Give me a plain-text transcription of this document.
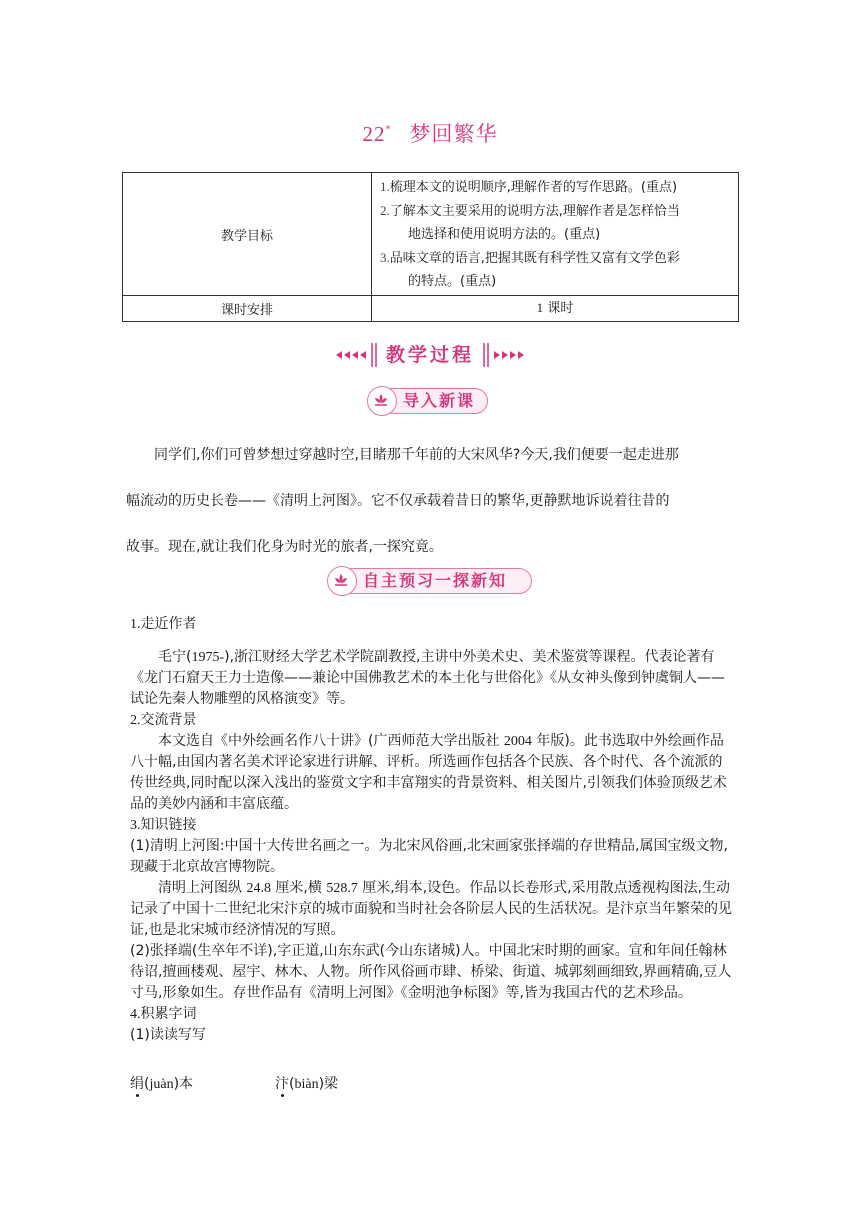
22* 梦回繁华
教学目标	1.梳理本文的说明顺序,理解作者的写作思路。(重点)
2.了解本文主要采用的说明方法,理解作者是怎样恰当
地选择和使用说明方法的。(重点)
3.品味文章的语言,把握其既有科学性又富有文学色彩
的特点。(重点)

课时安排	1 课时
教学过程
导入新课

同学们,你们可曾梦想过穿越时空,目睹那千年前的大宋风华?今天,我们便要一起走进那

幅流动的历史长卷——《清明上河图》。它不仅承载着昔日的繁华,更静默地诉说着往昔的

故事。现在,就让我们化身为时光的旅者,一探究竟。

自主预习一探新知

1.走近作者

毛宁(1975-),浙江财经大学艺术学院副教授,主讲中外美术史、美术鉴赏等课程。代表论著有《龙门石窟天王力士造像——兼论中国佛教艺术的本土化与世俗化》《从女神头像到钟虞铜人——试论先秦人物雕塑的风格演变》等。

2.交流背景

本文选自《中外绘画名作八十讲》(广西师范大学出版社 2004 年版)。此书选取中外绘画作品八十幅,由国内著名美术评论家进行讲解、评析。所选画作包括各个民族、各个时代、各个流派的传世经典,同时配以深入浅出的鉴赏文字和丰富翔实的背景资料、相关图片,引领我们体验顶级艺术品的美妙内涵和丰富底蕴。

3.知识链接

(1)清明上河图:中国十大传世名画之一。为北宋风俗画,北宋画家张择端的存世精品,属国宝级文物,现藏于北京故宫博物院。

清明上河图纵 24.8 厘米,横 528.7 厘米,绢本,设色。作品以长卷形式,采用散点透视构图法,生动记录了中国十二世纪北宋汴京的城市面貌和当时社会各阶层人民的生活状况。是汴京当年繁荣的见证,也是北宋城市经济情况的写照。

(2)张择端(生卒年不详),字正道,山东东武(今山东诸城)人。中国北宋时期的画家。宣和年间任翰林待诏,擅画楼观、屋宇、林木、人物。所作风俗画市肆、桥梁、街道、城郭刻画细致,界画精确,豆人寸马,形象如生。存世作品有《清明上河图》《金明池争标图》等,皆为我国古代的艺术珍品。

4.积累字词

(1)读读写写

绢(juàn)本	汴(biàn)梁
